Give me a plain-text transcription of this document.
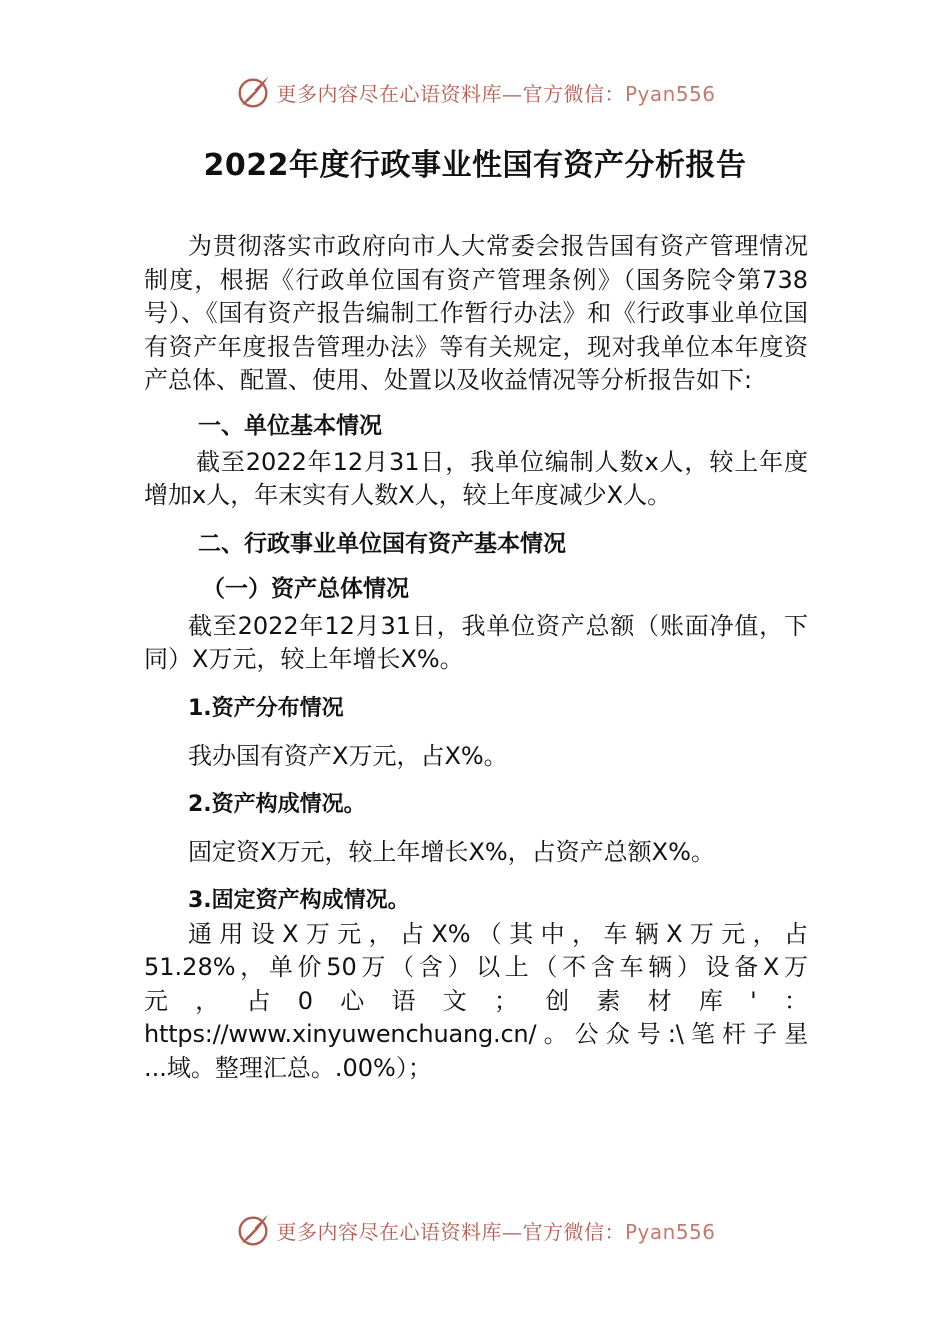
更多内容尽在心语资料库—官方微信：Pyan556
2022年度行政事业性国有资产分析报告

为贯彻落实市政府向市人大常委会报告国有资产管理情况制度，根据《行政单位国有资产管理条例》（国务院令第738号）、《国有资产报告编制工作暂行办法》和《行政事业单位国有资产年度报告管理办法》等有关规定，现对我单位本年度资产总体、配置、使用、处置以及收益情况等分析报告如下:

一、单位基本情况

截至2022年12月31日，我单位编制人数x人，较上年度增加x人，年末实有人数X人，较上年度减少X人。

二、行政事业单位国有资产基本情况

（一）资产总体情况

截至2022年12月31日，我单位资产总额（账面净值，下同）X万元，较上年增长X%。

1.资产分布情况

我办国有资产X万元，占X%。

2.资产构成情况。

固定资X万元，较上年增长X%，占资产总额X%。

3.固定资产构成情况。

通用设X万元，占X%（其中，车辆X万元，占

51.28%，单价50万（含）以上（不含车辆）设备X万

元，占0心语文；创素材库'：

https://www.xinyuwenchuang.cn/。公众号:\笔杆子星

...域。整理汇总。.00%）；

更多内容尽在心语资料库—官方微信：Pyan556
